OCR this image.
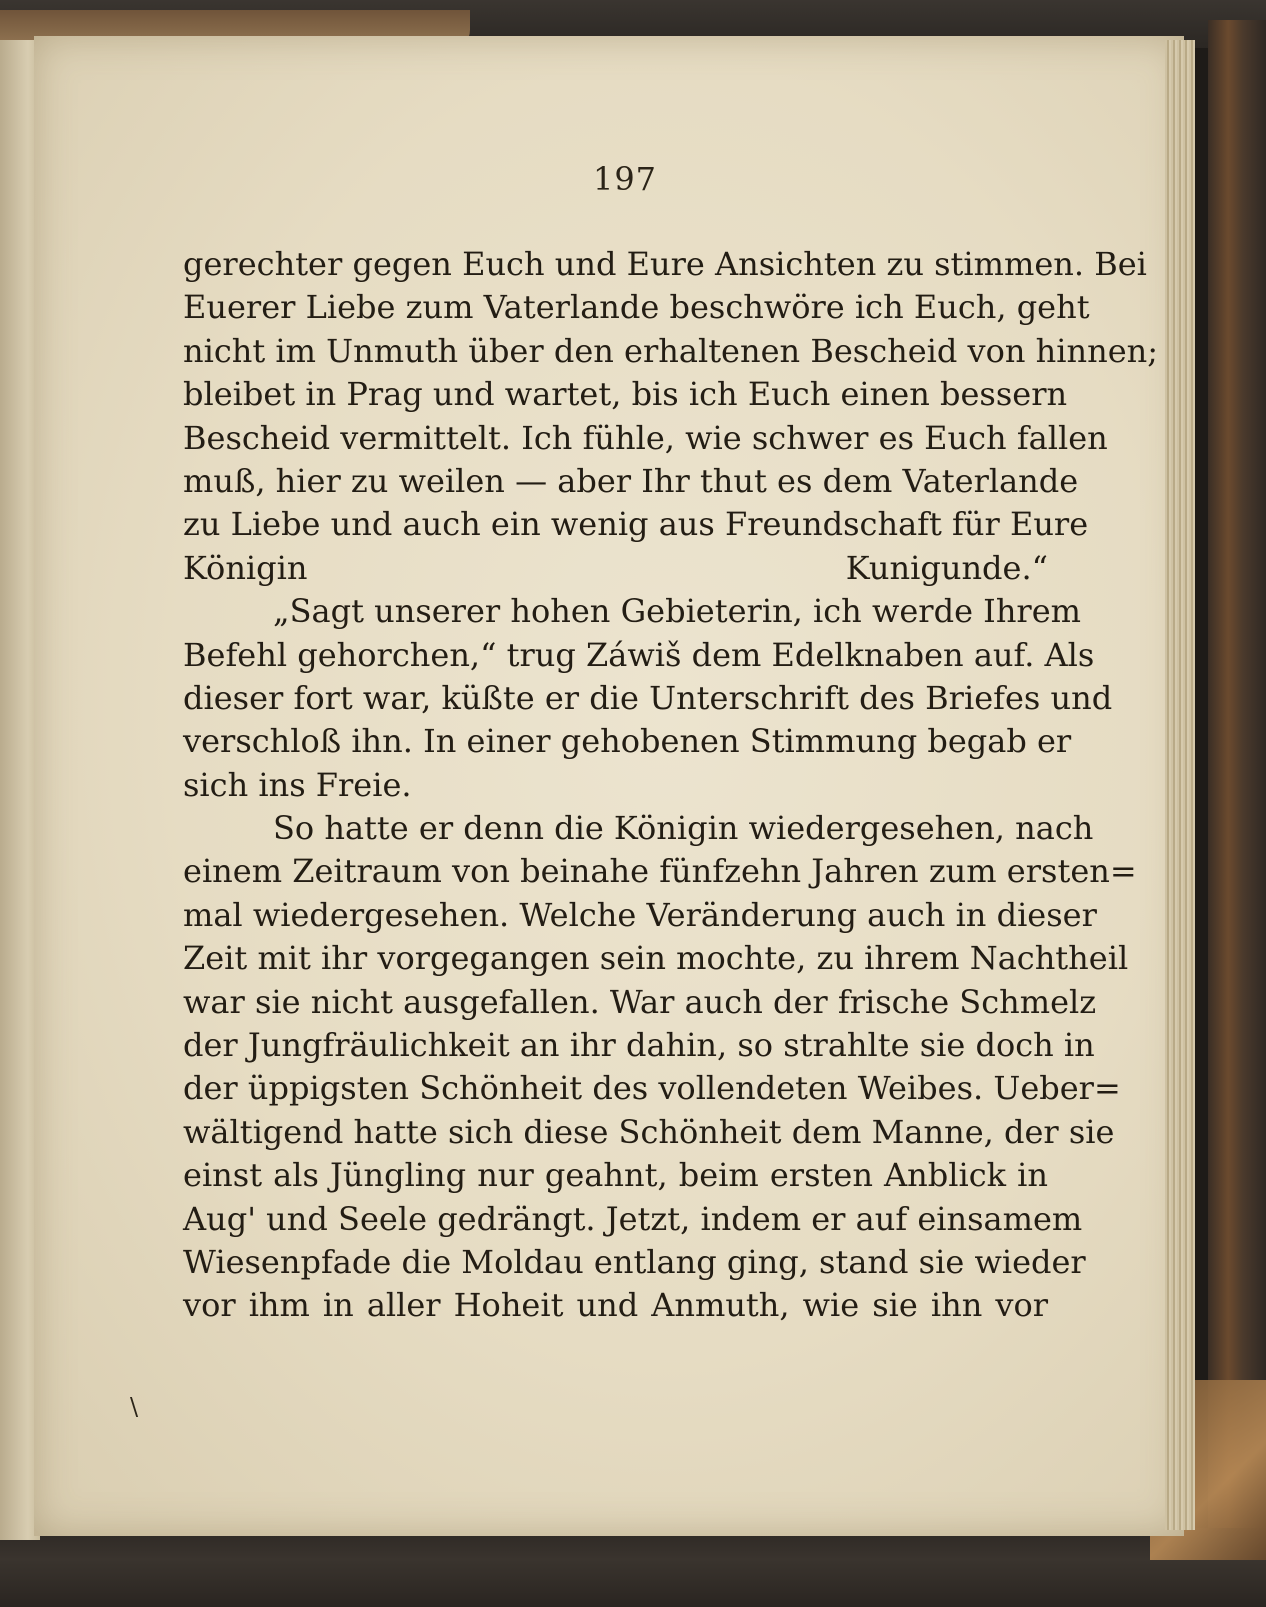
197
gerechter gegen Euch und Eure Ansichten zu stimmen. Bei
Euerer Liebe zum Vaterlande beschwöre ich Euch, geht
nicht im Unmuth über den erhaltenen Bescheid von hinnen;
bleibet in Prag und wartet, bis ich Euch einen bessern
Bescheid vermittelt. Ich fühle, wie schwer es Euch fallen
muß, hier zu weilen — aber Ihr thut es dem Vaterlande
zu Liebe und auch ein wenig aus Freundschaft für Eure
Königin	Kunigunde.“
„Sagt unserer hohen Gebieterin, ich werde Ihrem
Befehl gehorchen,“ trug Záwiš dem Edelknaben auf. Als
dieser fort war, küßte er die Unterschrift des Briefes und
verschloß ihn. In einer gehobenen Stimmung begab er
sich ins Freie.
So hatte er denn die Königin wiedergesehen, nach
einem Zeitraum von beinahe fünfzehn Jahren zum ersten=
mal wiedergesehen. Welche Veränderung auch in dieser
Zeit mit ihr vorgegangen sein mochte, zu ihrem Nachtheil
war sie nicht ausgefallen. War auch der frische Schmelz
der Jungfräulichkeit an ihr dahin, so strahlte sie doch in
der üppigsten Schönheit des vollendeten Weibes. Ueber=
wältigend hatte sich diese Schönheit dem Manne, der sie
einst als Jüngling nur geahnt, beim ersten Anblick in
Aug' und Seele gedrängt. Jetzt, indem er auf einsamem
Wiesenpfade die Moldau entlang ging, stand sie wieder
vor ihm in aller Hoheit und Anmuth, wie sie ihn vor
\
